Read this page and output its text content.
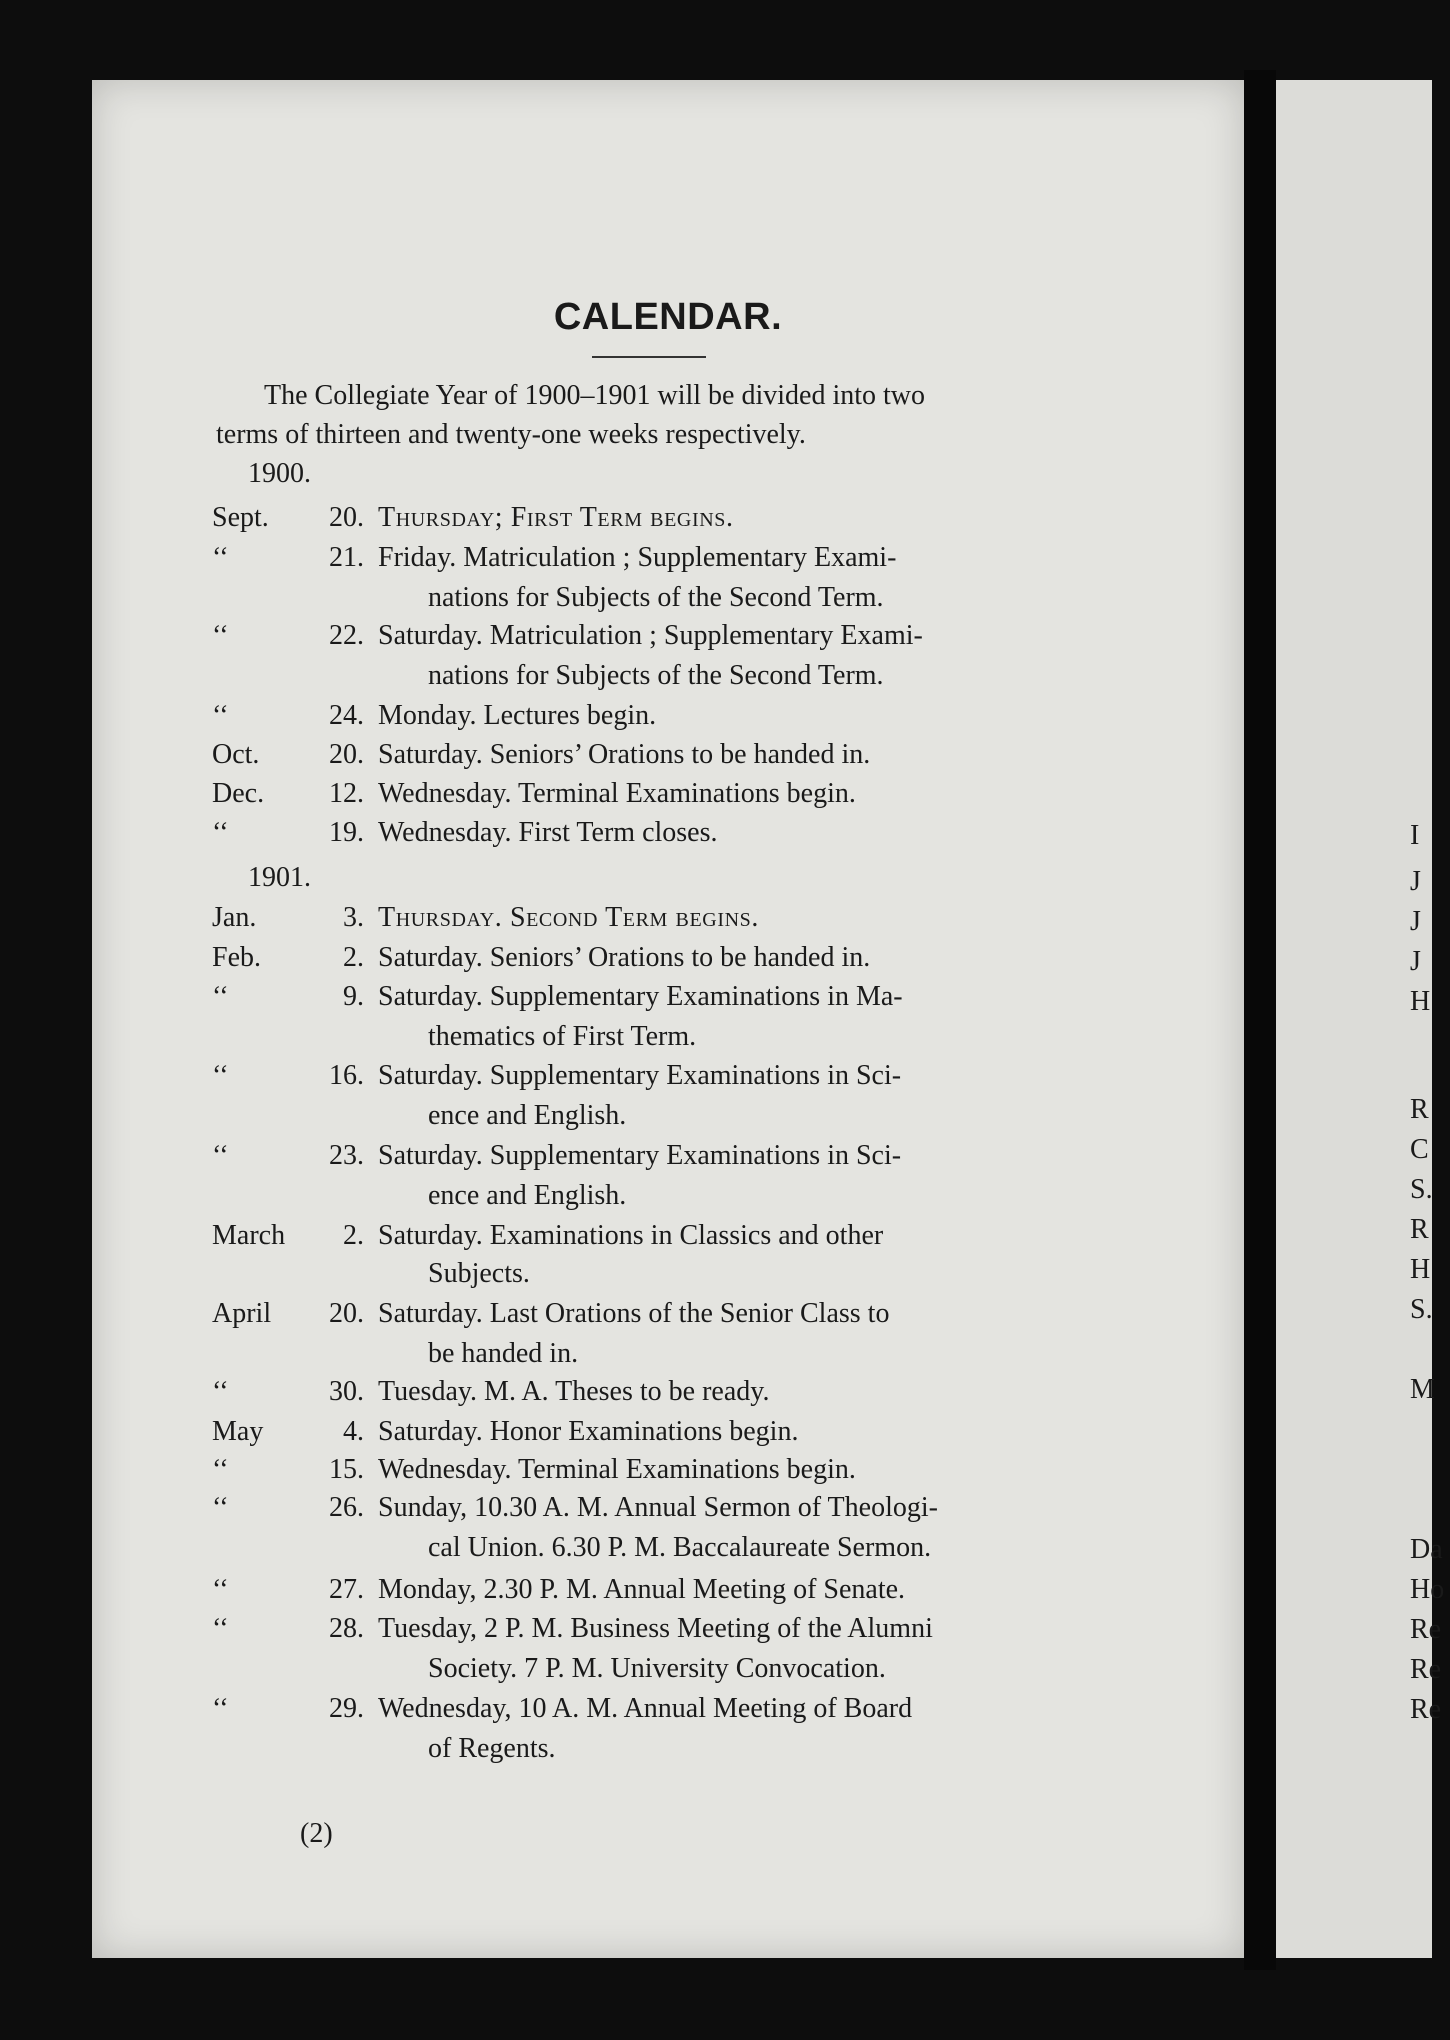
CALENDAR.
The Collegiate Year of 1900–1901 will be divided into two
terms of thirteen and twenty-one weeks respectively.
1900.
1901.
Sept.	20. Thursday; First Term begins.
‘‘	21. Friday. Matriculation ; Supplementary Exami-
nations for Subjects of the Second Term.
‘‘	22. Saturday. Matriculation ; Supplementary Exami-
nations for Subjects of the Second Term.
‘‘	24. Monday. Lectures begin.
Oct.	20. Saturday. Seniors’ Orations to be handed in.
Dec.	12. Wednesday. Terminal Examinations begin.
‘‘	19. Wednesday. First Term closes.
Jan.	3. Thursday. Second Term begins.
Feb.	2. Saturday. Seniors’ Orations to be handed in.
‘‘	9. Saturday. Supplementary Examinations in Ma-
thematics of First Term.
‘‘	16. Saturday. Supplementary Examinations in Sci-
ence and English.
‘‘	23. Saturday. Supplementary Examinations in Sci-
ence and English.
March	2. Saturday. Examinations in Classics and other
Subjects.
April	20. Saturday. Last Orations of the Senior Class to
be handed in.
‘‘	30. Tuesday. M. A. Theses to be ready.
May	4. Saturday. Honor Examinations begin.
‘‘	15. Wednesday. Terminal Examinations begin.
‘‘	26. Sunday, 10.30 A. M. Annual Sermon of Theologi-
cal Union. 6.30 P. M. Baccalaureate Sermon.
‘‘	27. Monday, 2.30 P. M. Annual Meeting of Senate.
‘‘	28. Tuesday, 2 P. M. Business Meeting of the Alumni
Society. 7 P. M. University Convocation.
‘‘	29. Wednesday, 10 A. M. Annual Meeting of Board
of Regents.
(2)
I
J
J
J
H
R
C
S.
R
H
S.
M
Da
Ho
Re
Re
Re
